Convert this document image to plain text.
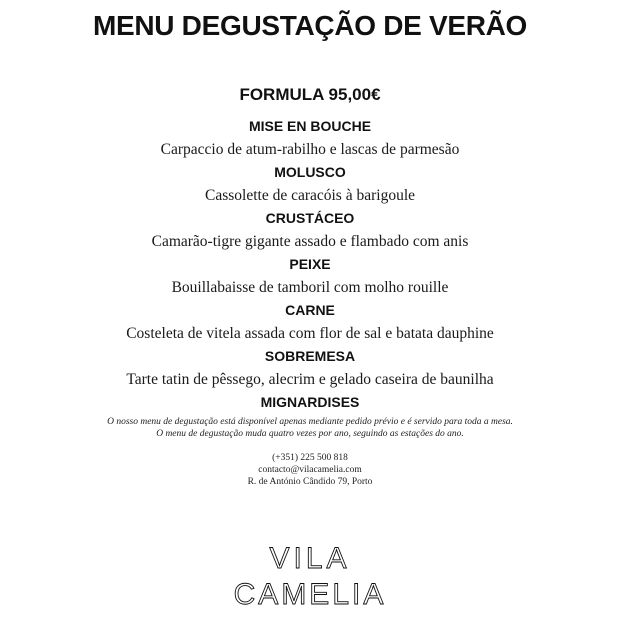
MENU DEGUSTAÇÃO DE VERÃO
FORMULA 95,00€
MISE EN BOUCHE
Carpaccio de atum-rabilho e lascas de parmesão
MOLUSCO
Cassolette de caracóis à barigoule
CRUSTÁCEO
Camarão-tigre gigante assado e flambado com anis
PEIXE
Bouillabaisse de tamboril com molho rouille
CARNE
Costeleta de vitela assada com flor de sal e batata dauphine
SOBREMESA
Tarte tatin de pêssego, alecrim e gelado caseira de baunilha
MIGNARDISES

O nosso menu de degustação está disponível apenas mediante pedido prévio e é servido para toda a mesa.

O menu de degustação muda quatro vezes por ano, seguindo as estações do ano.

(+351) 225 500 818

contacto@vilacamelia.com

R. de António Cândido 79, Porto

VILA
CAMELIA
